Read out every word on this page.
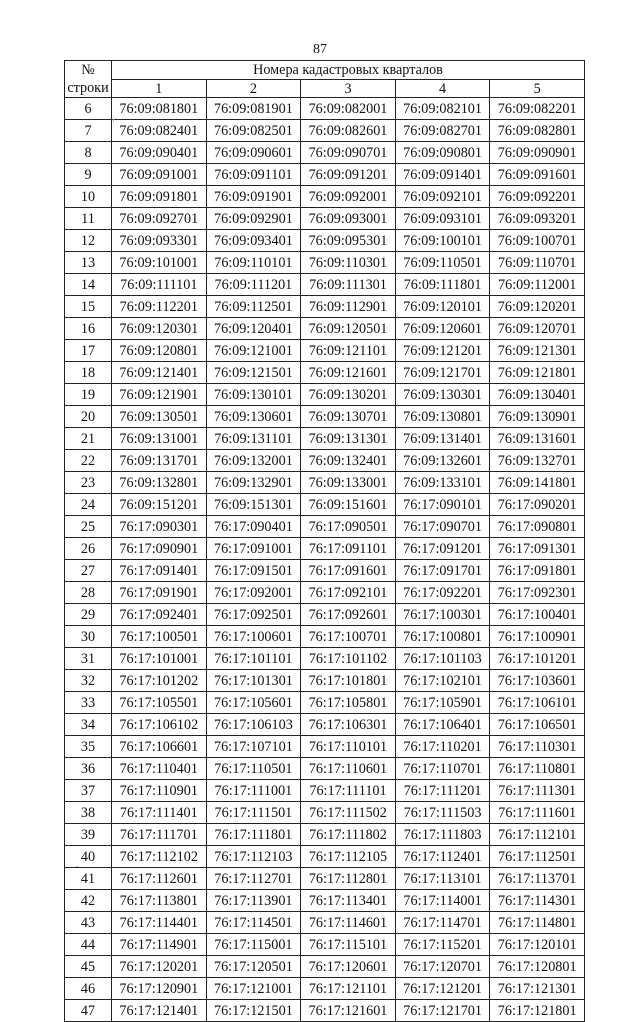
87
№	Номера кадастровых кварталов				
строки	1	2	3	4	5
6	76:09:081801	76:09:081901	76:09:082001	76:09:082101	76:09:082201
7	76:09:082401	76:09:082501	76:09:082601	76:09:082701	76:09:082801
8	76:09:090401	76:09:090601	76:09:090701	76:09:090801	76:09:090901
9	76:09:091001	76:09:091101	76:09:091201	76:09:091401	76:09:091601
10	76:09:091801	76:09:091901	76:09:092001	76:09:092101	76:09:092201
11	76:09:092701	76:09:092901	76:09:093001	76:09:093101	76:09:093201
12	76:09:093301	76:09:093401	76:09:095301	76:09:100101	76:09:100701
13	76:09:101001	76:09:110101	76:09:110301	76:09:110501	76:09:110701
14	76:09:111101	76:09:111201	76:09:111301	76:09:111801	76:09:112001
15	76:09:112201	76:09:112501	76:09:112901	76:09:120101	76:09:120201
16	76:09:120301	76:09:120401	76:09:120501	76:09:120601	76:09:120701
17	76:09:120801	76:09:121001	76:09:121101	76:09:121201	76:09:121301
18	76:09:121401	76:09:121501	76:09:121601	76:09:121701	76:09:121801
19	76:09:121901	76:09:130101	76:09:130201	76:09:130301	76:09:130401
20	76:09:130501	76:09:130601	76:09:130701	76:09:130801	76:09:130901
21	76:09:131001	76:09:131101	76:09:131301	76:09:131401	76:09:131601
22	76:09:131701	76:09:132001	76:09:132401	76:09:132601	76:09:132701
23	76:09:132801	76:09:132901	76:09:133001	76:09:133101	76:09:141801
24	76:09:151201	76:09:151301	76:09:151601	76:17:090101	76:17:090201
25	76:17:090301	76:17:090401	76:17:090501	76:17:090701	76:17:090801
26	76:17:090901	76:17:091001	76:17:091101	76:17:091201	76:17:091301
27	76:17:091401	76:17:091501	76:17:091601	76:17:091701	76:17:091801
28	76:17:091901	76:17:092001	76:17:092101	76:17:092201	76:17:092301
29	76:17:092401	76:17:092501	76:17:092601	76:17:100301	76:17:100401
30	76:17:100501	76:17:100601	76:17:100701	76:17:100801	76:17:100901
31	76:17:101001	76:17:101101	76:17:101102	76:17:101103	76:17:101201
32	76:17:101202	76:17:101301	76:17:101801	76:17:102101	76:17:103601
33	76:17:105501	76:17:105601	76:17:105801	76:17:105901	76:17:106101
34	76:17:106102	76:17:106103	76:17:106301	76:17:106401	76:17:106501
35	76:17:106601	76:17:107101	76:17:110101	76:17:110201	76:17:110301
36	76:17:110401	76:17:110501	76:17:110601	76:17:110701	76:17:110801
37	76:17:110901	76:17:111001	76:17:111101	76:17:111201	76:17:111301
38	76:17:111401	76:17:111501	76:17:111502	76:17:111503	76:17:111601
39	76:17:111701	76:17:111801	76:17:111802	76:17:111803	76:17:112101
40	76:17:112102	76:17:112103	76:17:112105	76:17:112401	76:17:112501
41	76:17:112601	76:17:112701	76:17:112801	76:17:113101	76:17:113701
42	76:17:113801	76:17:113901	76:17:113401	76:17:114001	76:17:114301
43	76:17:114401	76:17:114501	76:17:114601	76:17:114701	76:17:114801
44	76:17:114901	76:17:115001	76:17:115101	76:17:115201	76:17:120101
45	76:17:120201	76:17:120501	76:17:120601	76:17:120701	76:17:120801
46	76:17:120901	76:17:121001	76:17:121101	76:17:121201	76:17:121301
47	76:17:121401	76:17:121501	76:17:121601	76:17:121701	76:17:121801
